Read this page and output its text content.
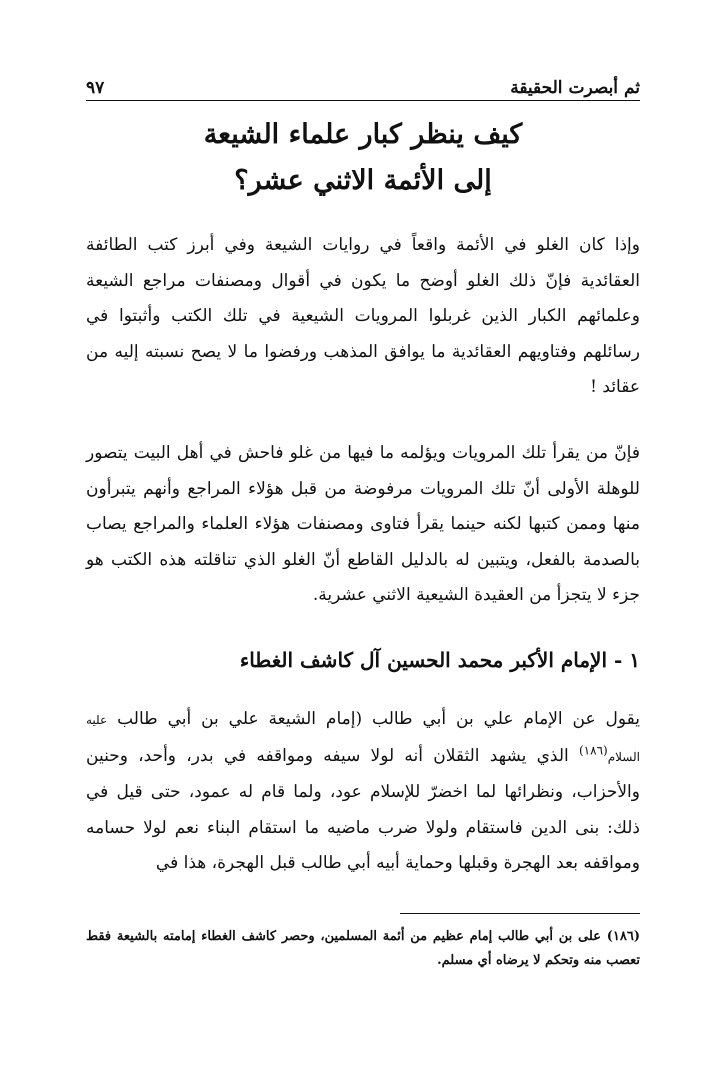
٩٧	ثم أبصرت الحقيقة
كيف ينظر كبار علماء الشيعة
إلى الأئمة الاثني عشر؟

وإذا كان الغلو في الأئمة واقعاً في روايات الشيعة وفي أبرز كتب الطائفة العقائدية فإنّ ذلك الغلو أوضح ما يكون في أقوال ومصنفات مراجع الشيعة وعلمائهم الكبار الذين غربلوا المرويات الشيعية في تلك الكتب وأثبتوا في رسائلهم وفتاويهم العقائدية ما يوافق المذهب ورفضوا ما لا يصح نسبته إليه من عقائد !

فإنّ من يقرأ تلك المرويات ويؤلمه ما فيها من غلو فاحش في أهل البيت يتصور للوهلة الأولى أنّ تلك المرويات مرفوضة من قبل هؤلاء المراجع وأنهم يتبرأون منها وممن كتبها لكنه حينما يقرأ فتاوى ومصنفات هؤلاء العلماء والمراجع يصاب بالصدمة بالفعل، ويتبين له بالدليل القاطع أنّ الغلو الذي تناقلته هذه الكتب هو جزء لا يتجزأ من العقيدة الشيعية الاثني عشرية.

١ - الإمام الأكبر محمد الحسين آل كاشف الغطاء

يقول عن الإمام علي بن أبي طالب (إمام الشيعة علي بن أبي طالب عليه السلام$^{(١٨٦)}$ الذي يشهد الثقلان أنه لولا سيفه ومواقفه في بدر، وأحد، وحنين والأحزاب، ونظرائها لما اخضرّ للإسلام عود، ولما قام له عمود، حتى قيل في ذلك: بنى الدين فاستقام ولولا ضرب ماضيه ما استقام البناء نعم لولا حسامه ومواقفه بعد الهجرة وقبلها وحماية أبيه أبي طالب قبل الهجرة، هذا في

(١٨٦) على بن أبي طالب إمام عظيم من أئمة المسلمين، وحصر كاشف الغطاء إمامته بالشيعة فقط تعصب منه وتحكم لا يرضاه أي مسلم.
